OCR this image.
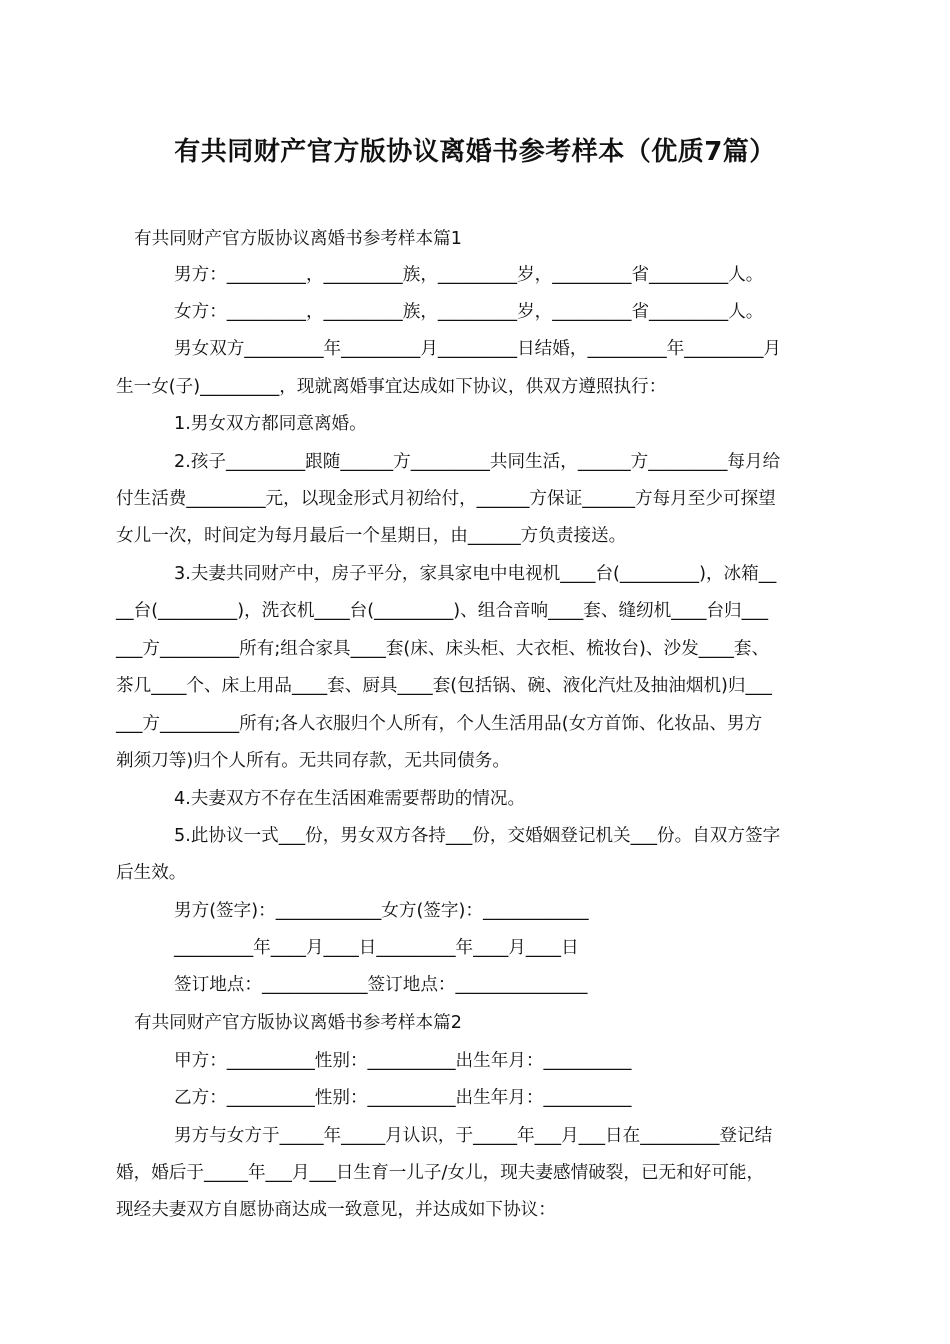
有共同财产官方版协议离婚书参考样本（优质7篇）
有共同财产官方版协议离婚书参考样本篇1
男方：_________，_________族，_________岁，_________省_________人。
女方：_________，_________族，_________岁，_________省_________人。
男女双方_________年_________月_________日结婚，_________年_________月
生一女(子)_________，现就离婚事宜达成如下协议，供双方遵照执行：
1.男女双方都同意离婚。
2.孩子_________跟随______方_________共同生活，______方_________每月给
付生活费_________元，以现金形式月初给付，______方保证______方每月至少可探望
女儿一次，时间定为每月最后一个星期日，由______方负责接送。
3.夫妻共同财产中，房子平分，家具家电中电视机____台(_________)，冰箱__
__台(_________)，洗衣机____台(_________)、组合音响____套、缝纫机____台归___
___方_________所有;组合家具____套(床、床头柜、大衣柜、梳妆台)、沙发____套、
茶几____个、床上用品____套、厨具____套(包括锅、碗、液化汽灶及抽油烟机)归___
___方_________所有;各人衣服归个人所有，个人生活用品(女方首饰、化妆品、男方
剃须刀等)归个人所有。无共同存款，无共同债务。
4.夫妻双方不存在生活困难需要帮助的情况。
5.此协议一式___份，男女双方各持___份，交婚姻登记机关___份。自双方签字
后生效。
男方(签字)：____________女方(签字)：____________
_________年____月____日_________年____月____日
签订地点：____________签订地点：_______________
有共同财产官方版协议离婚书参考样本篇2
甲方：__________性别：__________出生年月：__________
乙方：__________性别：__________出生年月：__________
男方与女方于_____年_____月认识，于_____年___月___日在_________登记结
婚，婚后于_____年___月___日生育一儿子/女儿，现夫妻感情破裂，已无和好可能，
现经夫妻双方自愿协商达成一致意见，并达成如下协议：
